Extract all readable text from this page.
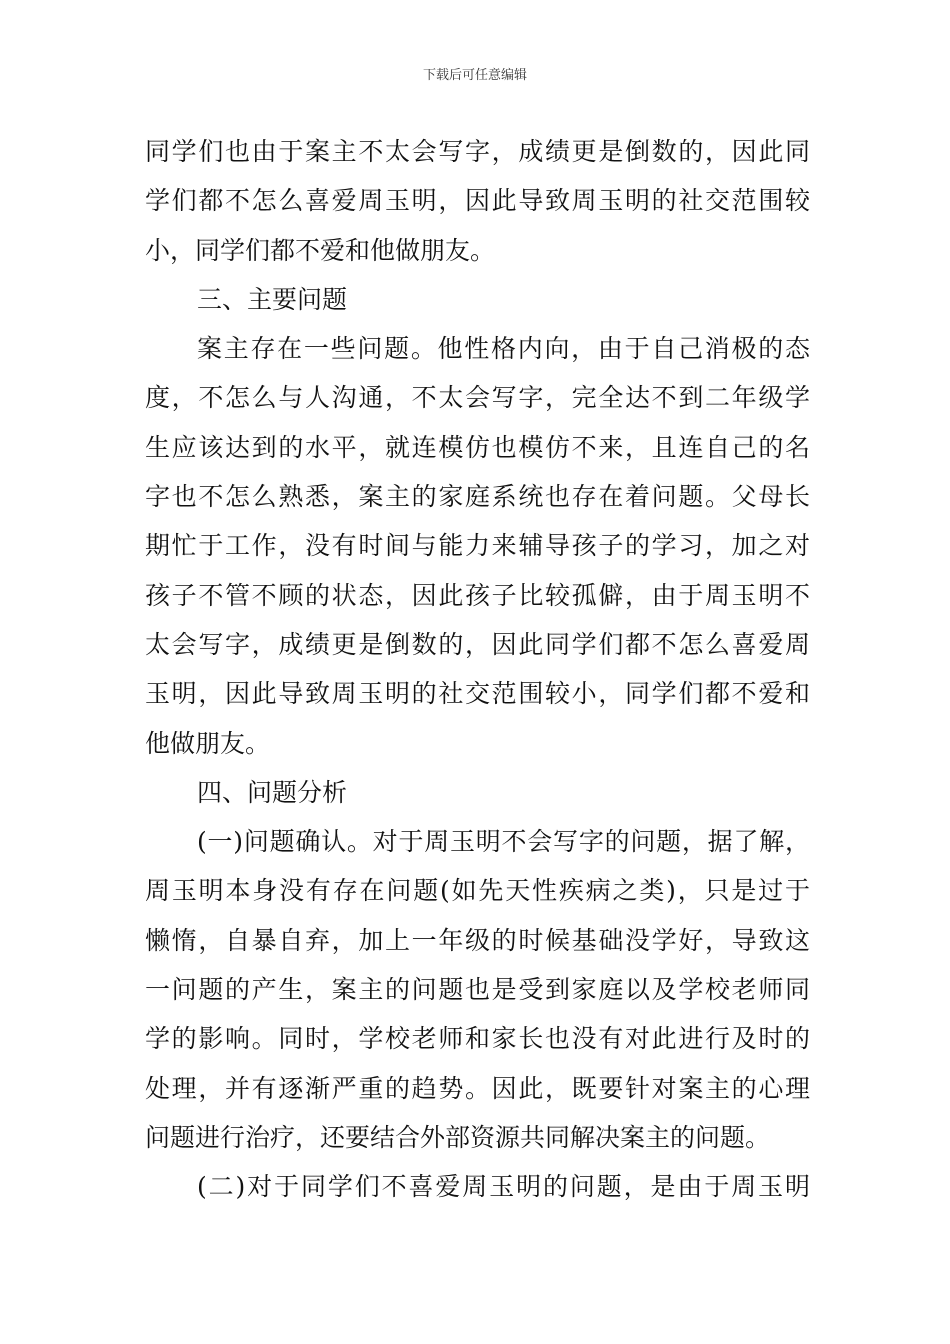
下载后可任意编辑
同学们也由于案主不太会写字，成绩更是倒数的，因此同
学们都不怎么喜爱周玉明，因此导致周玉明的社交范围较
小，同学们都不爱和他做朋友。
三、主要问题
案主存在一些问题。他性格内向，由于自己消极的态
度，不怎么与人沟通，不太会写字，完全达不到二年级学
生应该达到的水平，就连模仿也模仿不来，且连自己的名
字也不怎么熟悉，案主的家庭系统也存在着问题。父母长
期忙于工作，没有时间与能力来辅导孩子的学习，加之对
孩子不管不顾的状态，因此孩子比较孤僻，由于周玉明不
太会写字，成绩更是倒数的，因此同学们都不怎么喜爱周
玉明，因此导致周玉明的社交范围较小，同学们都不爱和
他做朋友。
四、问题分析
(一)问题确认。对于周玉明不会写字的问题，据了解，
周玉明本身没有存在问题(如先天性疾病之类)，只是过于
懒惰，自暴自弃，加上一年级的时候基础没学好，导致这
一问题的产生，案主的问题也是受到家庭以及学校老师同
学的影响。同时，学校老师和家长也没有对此进行及时的
处理，并有逐渐严重的趋势。因此，既要针对案主的心理
问题进行治疗，还要结合外部资源共同解决案主的问题。
(二)对于同学们不喜爱周玉明的问题，是由于周玉明
